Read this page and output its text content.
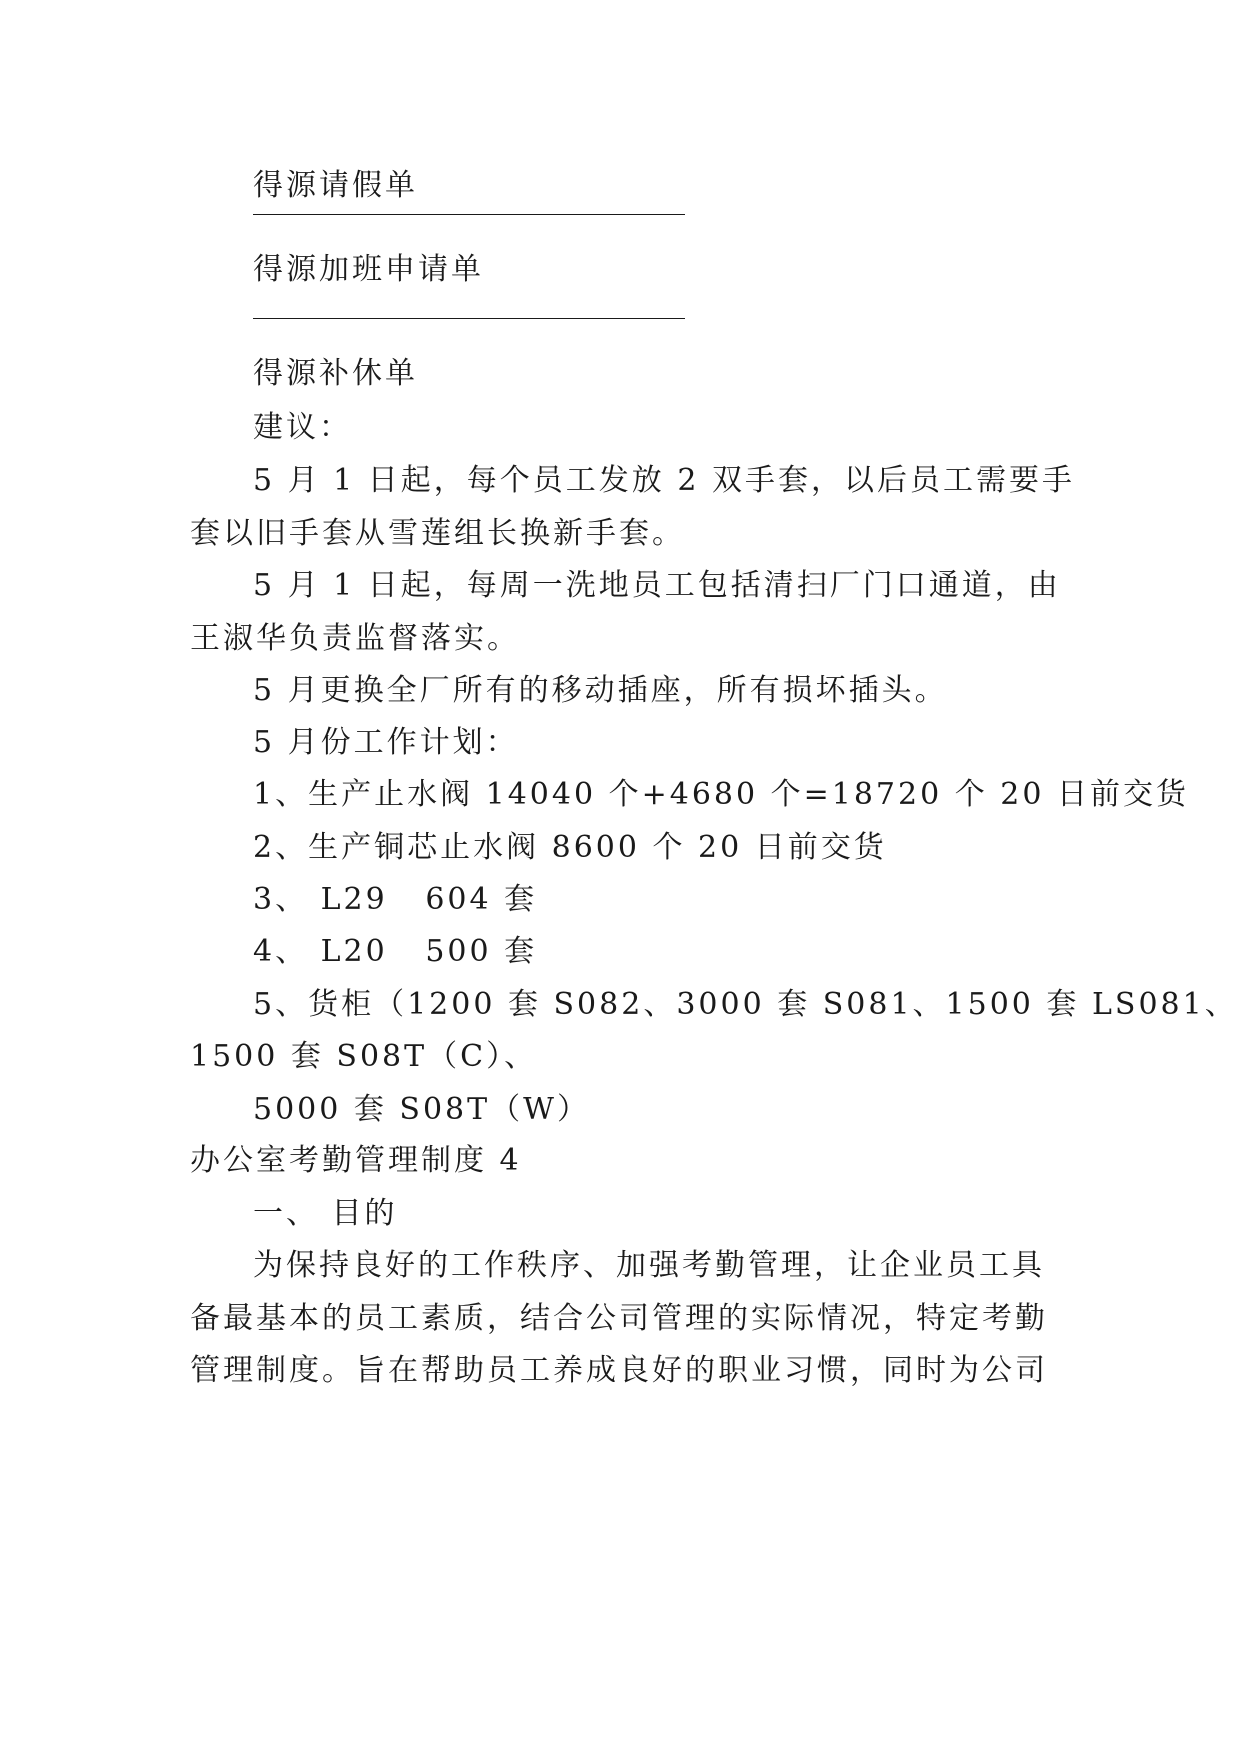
得源请假单
得源加班申请单
得源补休单
建议：
5 月 1 日起，每个员工发放 2 双手套，以后员工需要手
套以旧手套从雪莲组长换新手套。
5 月 1 日起，每周一洗地员工包括清扫厂门口通道，由
王淑华负责监督落实。
5 月更换全厂所有的移动插座，所有损坏插头。
5 月份工作计划：
1、生产止水阀 14040 个+4680 个=18720 个 20 日前交货
2、生产铜芯止水阀 8600 个 20 日前交货
3、 L29   604 套
4、 L20   500 套
5、货柜（1200 套 S082、3000 套 S081、1500 套 LS081、
1500 套 S08T（C）、
5000 套 S08T（W）
办公室考勤管理制度 4
一、 目的
为保持良好的工作秩序、加强考勤管理，让企业员工具
备最基本的员工素质，结合公司管理的实际情况，特定考勤
管理制度。旨在帮助员工养成良好的职业习惯，同时为公司
